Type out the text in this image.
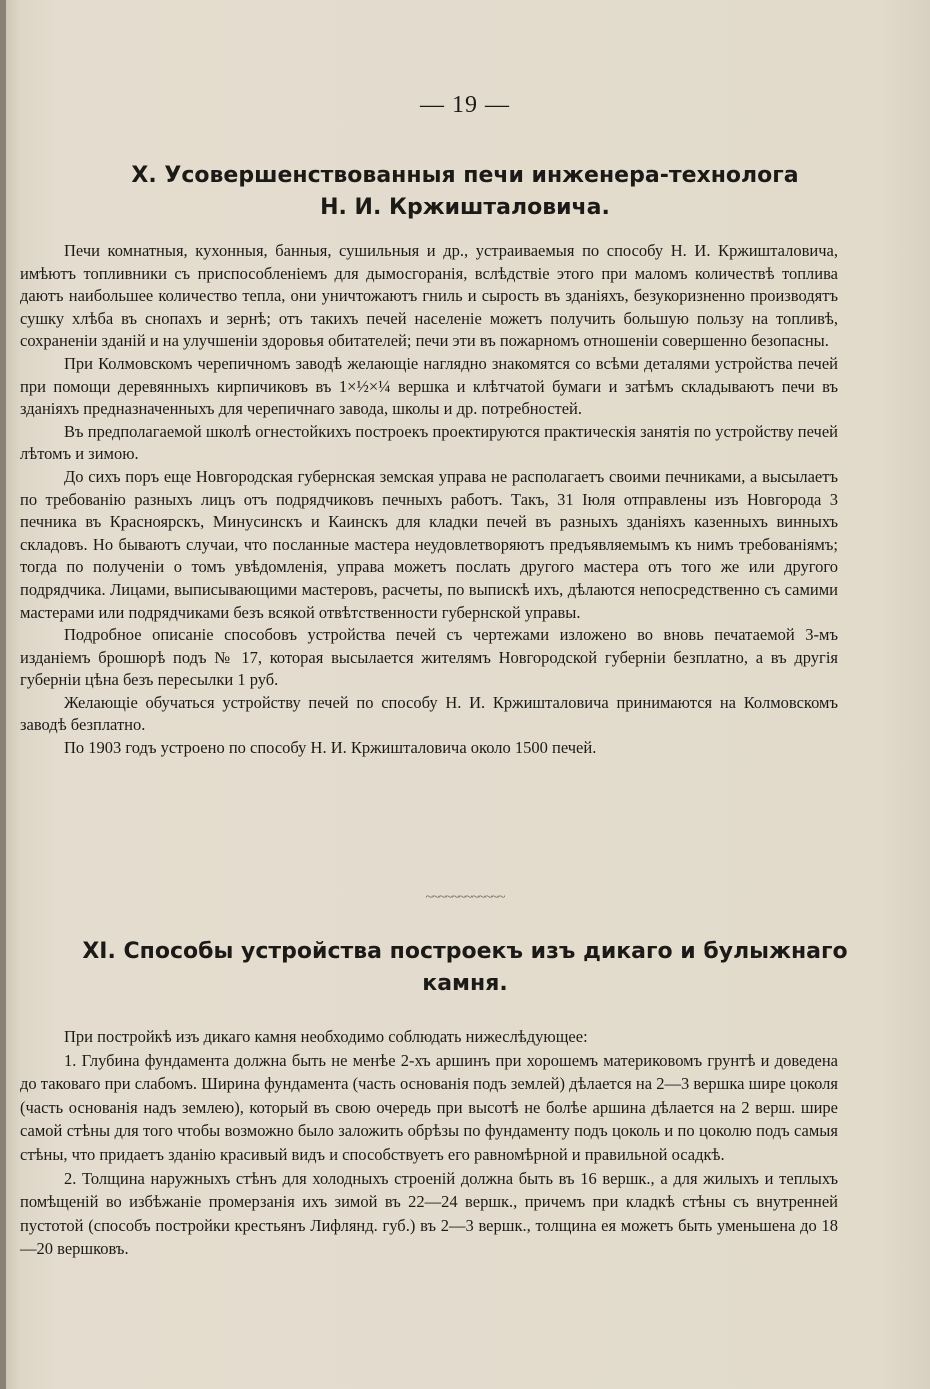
— 19 —
X. Усовершенствованныя печи инженера-технолога
Н. И. Кржишталовича.

Печи комнатныя, кухонныя, банныя, сушильныя и др., устраиваемыя по способу Н. И. Кржишталовича, имѣютъ топливники съ приспособленіемъ для дымосгоранія, вслѣдствіе этого при маломъ количествѣ топлива даютъ наибольшее количество тепла, они уничтожаютъ гниль и сырость въ зданіяхъ, безукоризненно производятъ сушку хлѣба въ снопахъ и зернѣ; отъ такихъ печей населеніе можетъ получить большую пользу на топливѣ, сохраненіи зданій и на улучшеніи здоровья обитателей; печи эти въ пожарномъ отношеніи совершенно безопасны.

При Колмовскомъ черепичномъ заводѣ желающіе наглядно знакомятся со всѣми деталями устройства печей при помощи деревянныхъ кирпичиковъ въ 1×½×¼ вершка и клѣтчатой бумаги и затѣмъ складываютъ печи въ зданіяхъ предназначенныхъ для черепичнаго завода, школы и др. потребностей.

Въ предполагаемой школѣ огнестойкихъ построекъ проектируются практическія занятія по устройству печей лѣтомъ и зимою.

До сихъ поръ еще Новгородская губернская земская управа не располагаетъ своими печниками, а высылаетъ по требованію разныхъ лицъ отъ подрядчиковъ печныхъ работъ. Такъ, 31 Іюля отправлены изъ Новгорода 3 печника въ Красноярскъ, Минусинскъ и Каинскъ для кладки печей въ разныхъ зданіяхъ казенныхъ винныхъ складовъ. Но бываютъ случаи, что посланные мастера неудовлетворяютъ предъявляемымъ къ нимъ требованіямъ; тогда по полученіи о томъ увѣдомленія, управа можетъ послать другого мастера отъ того же или другого подрядчика. Лицами, выписывающими мастеровъ, расчеты, по выпискѣ ихъ, дѣлаются непосредственно съ самими мастерами или подрядчиками безъ всякой отвѣтственности губернской управы.

Подробное описаніе способовъ устройства печей съ чертежами изложено во вновь печатаемой 3-мъ изданіемъ брошюрѣ подъ № 17, которая высылается жителямъ Новгородской губерніи безплатно, а въ другія губерніи цѣна безъ пересылки 1 руб.

Желающіе обучаться устройству печей по способу Н. И. Кржишталовича принимаются на Колмовскомъ заводѣ безплатно.

По 1903 годъ устроено по способу Н. И. Кржишталовича около 1500 печей.

~~~~~~~~~~~~
XI. Способы устройства построекъ изъ дикаго и булыжнаго
камня.

При постройкѣ изъ дикаго камня необходимо соблюдать нижеслѣдующее:

1. Глубина фундамента должна быть не менѣе 2-хъ аршинъ при хорошемъ материковомъ грунтѣ и доведена до таковаго при слабомъ. Ширина фундамента (часть основанія подъ землей) дѣлается на 2—3 вершка шире цоколя (часть основанія надъ землею), который въ свою очередь при высотѣ не болѣе аршина дѣлается на 2 верш. шире самой стѣны для того чтобы возможно было заложить обрѣзы по фундаменту подъ цоколь и по цоколю подъ самыя стѣны, что придаетъ зданію красивый видъ и способствуетъ его равномѣрной и правильной осадкѣ.

2. Толщина наружныхъ стѣнъ для холодныхъ строеній должна быть въ 16 вершк., а для жилыхъ и теплыхъ помѣщеній во избѣжаніе промерзанія ихъ зимой въ 22—24 вершк., причемъ при кладкѣ стѣны съ внутренней пустотой (способъ постройки крестьянъ Лифлянд. губ.) въ 2—3 вершк., толщина ея можетъ быть уменьшена до 18—20 вершковъ.
